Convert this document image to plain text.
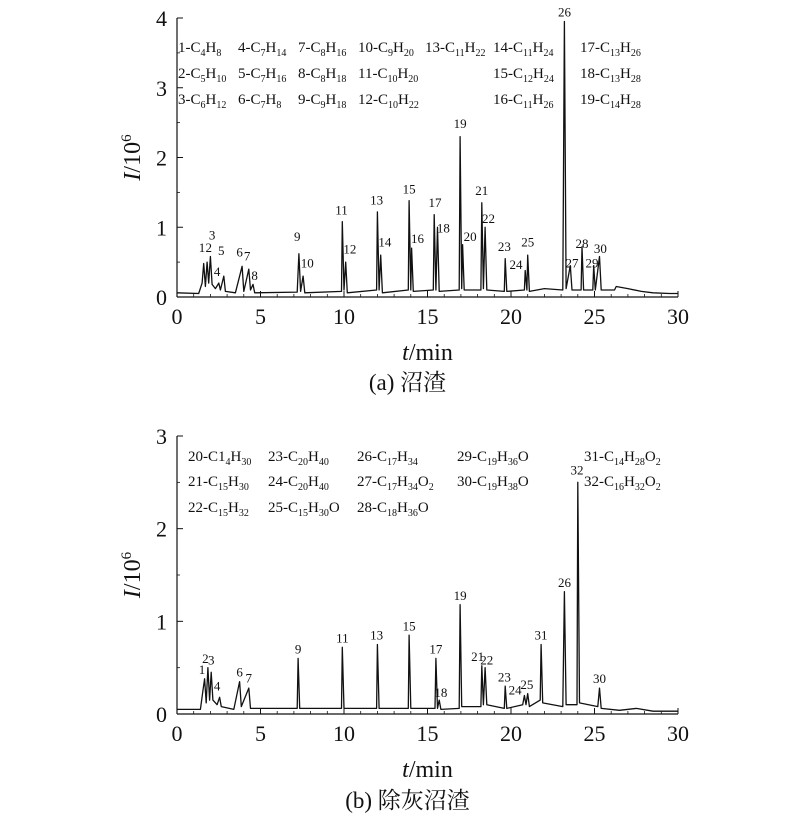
0	5	10	15	20	25	30
0
1
2
3
4
1 2
3
4
5 6 7
8
9
10
11
12
13
14
15
16
17
18
19
20
21
22
23
24
25
26
27
28
29
30
$1-C_4H_8$ $4-C_7H_{14}$ $7-C_8H_{16}$ $10-C_9H_{20}$ $13-C_{11}H_{22}$ $14-C_{11}H_{24}$ $17-C_{13}H_{26}$
$2-C_5H_{10}$ $5-C_7H_{16}$ $8-C_8H_{18}$ $11-C_{10}H_{20}$	$15-C_{12}H_{24}$ $18-C_{13}H_{28}$
$3-C_6H_{12}$ $6-C_7H_8$ $9-C_9H_{18}$ $12-C_{10}H_{22}$	$16-C_{11}H_{26}$ $19-C_{14}H_{28}$
t/min
$I/10^6$
(a) 沼渣
0	5	10	15	20	25	30
0
1
2
3
1
2 3
4
6 7
9
11 13
15
17
18
19
21
22
23
24
25
31
26
32
30
$20-C1_4H_{30}$ $23-C_{20}H_{40}$ $26-C_{17}H_{34}$	$29-C_{19}H_{36}O$	$31-C_{14}H_{28}O_2$
$21-C_{15}H_{30}$ $24-C_{20}H_{40}$ $27-C_{17}H_{34}O_2$ $30-C_{19}H_{38}O$	$32-C_{16}H_{32}O_2$
$22-C_{15}H_{32}$ $25-C_{15}H_{30}O$ $28-C_{18}H_{36}O$
t/min
$I/10^6$
(b) 除灰沼渣
